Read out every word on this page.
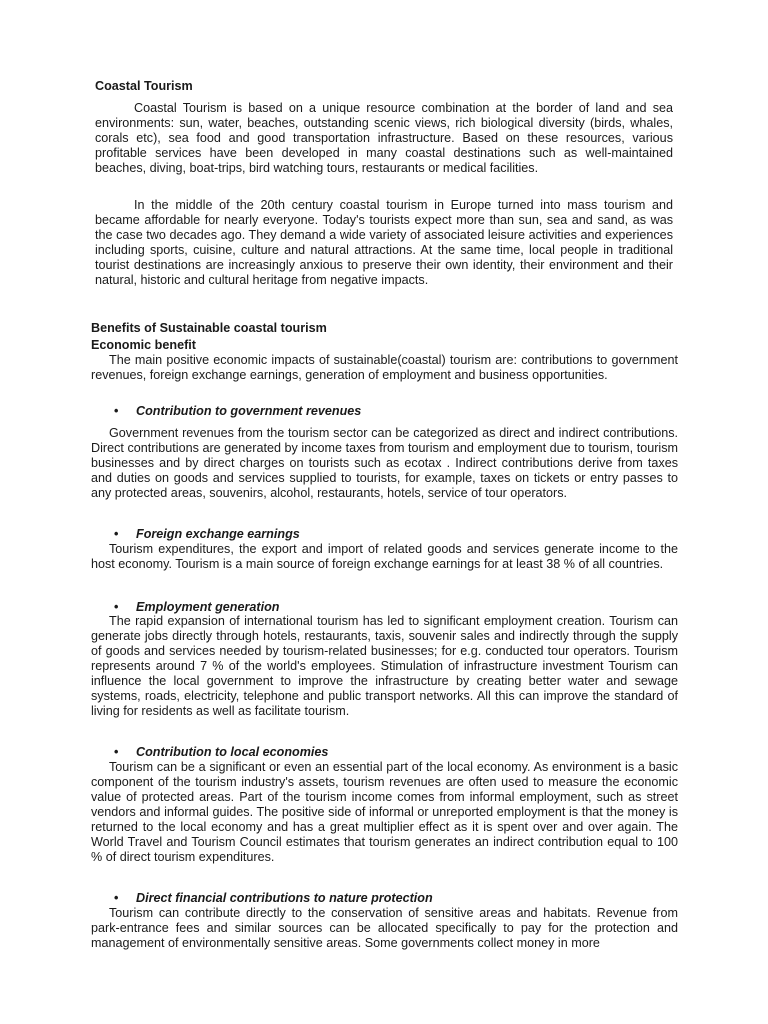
Coastal Tourism

Coastal Tourism is based on a unique resource combination at the border of land and sea environments: sun, water, beaches, outstanding scenic views, rich biological diversity (birds, whales, corals etc), sea food and good transportation infrastructure. Based on these resources, various profitable services have been developed in many coastal destinations such as well-maintained beaches, diving, boat-trips, bird watching tours, restaurants or medical facilities.

In the middle of the 20th century coastal tourism in Europe turned into mass tourism and became affordable for nearly everyone. Today's tourists expect more than sun, sea and sand, as was the case two decades ago. They demand a wide variety of associated leisure activities and experiences including sports, cuisine, culture and natural attractions. At the same time, local people in traditional tourist destinations are increasingly anxious to preserve their own identity, their environment and their natural, historic and cultural heritage from negative impacts.

Benefits of Sustainable coastal tourism
Economic benefit

The main positive economic impacts of sustainable(coastal) tourism are: contributions to government revenues, foreign exchange earnings, generation of employment and business opportunities.

• Contribution to government revenues

Government revenues from the tourism sector can be categorized as direct and indirect contributions. Direct contributions are generated by income taxes from tourism and employment due to tourism, tourism businesses and by direct charges on tourists such as ecotax . Indirect contributions derive from taxes and duties on goods and services supplied to tourists, for example, taxes on tickets or entry passes to any protected areas, souvenirs, alcohol, restaurants, hotels, service of tour operators.

• Foreign exchange earnings

Tourism expenditures, the export and import of related goods and services generate income to the host economy. Tourism is a main source of foreign exchange earnings for at least 38 % of all countries.

• Employment generation

The rapid expansion of international tourism has led to significant employment creation. Tourism can generate jobs directly through hotels, restaurants, taxis, souvenir sales and indirectly through the supply of goods and services needed by tourism-related businesses; for e.g. conducted tour operators. Tourism represents around 7 % of the world's employees. Stimulation of infrastructure investment Tourism can influence the local government to improve the infrastructure by creating better water and sewage systems, roads, electricity, telephone and public transport networks. All this can improve the standard of living for residents as well as facilitate tourism.

• Contribution to local economies

Tourism can be a significant or even an essential part of the local economy. As environment is a basic component of the tourism industry's assets, tourism revenues are often used to measure the economic value of protected areas. Part of the tourism income comes from informal employment, such as street vendors and informal guides. The positive side of informal or unreported employment is that the money is returned to the local economy and has a great multiplier effect as it is spent over and over again. The World Travel and Tourism Council estimates that tourism generates an indirect contribution equal to 100 % of direct tourism expenditures.

• Direct financial contributions to nature protection

Tourism can contribute directly to the conservation of sensitive areas and habitats. Revenue from park-entrance fees and similar sources can be allocated specifically to pay for the protection and management of environmentally sensitive areas. Some governments collect money in more
